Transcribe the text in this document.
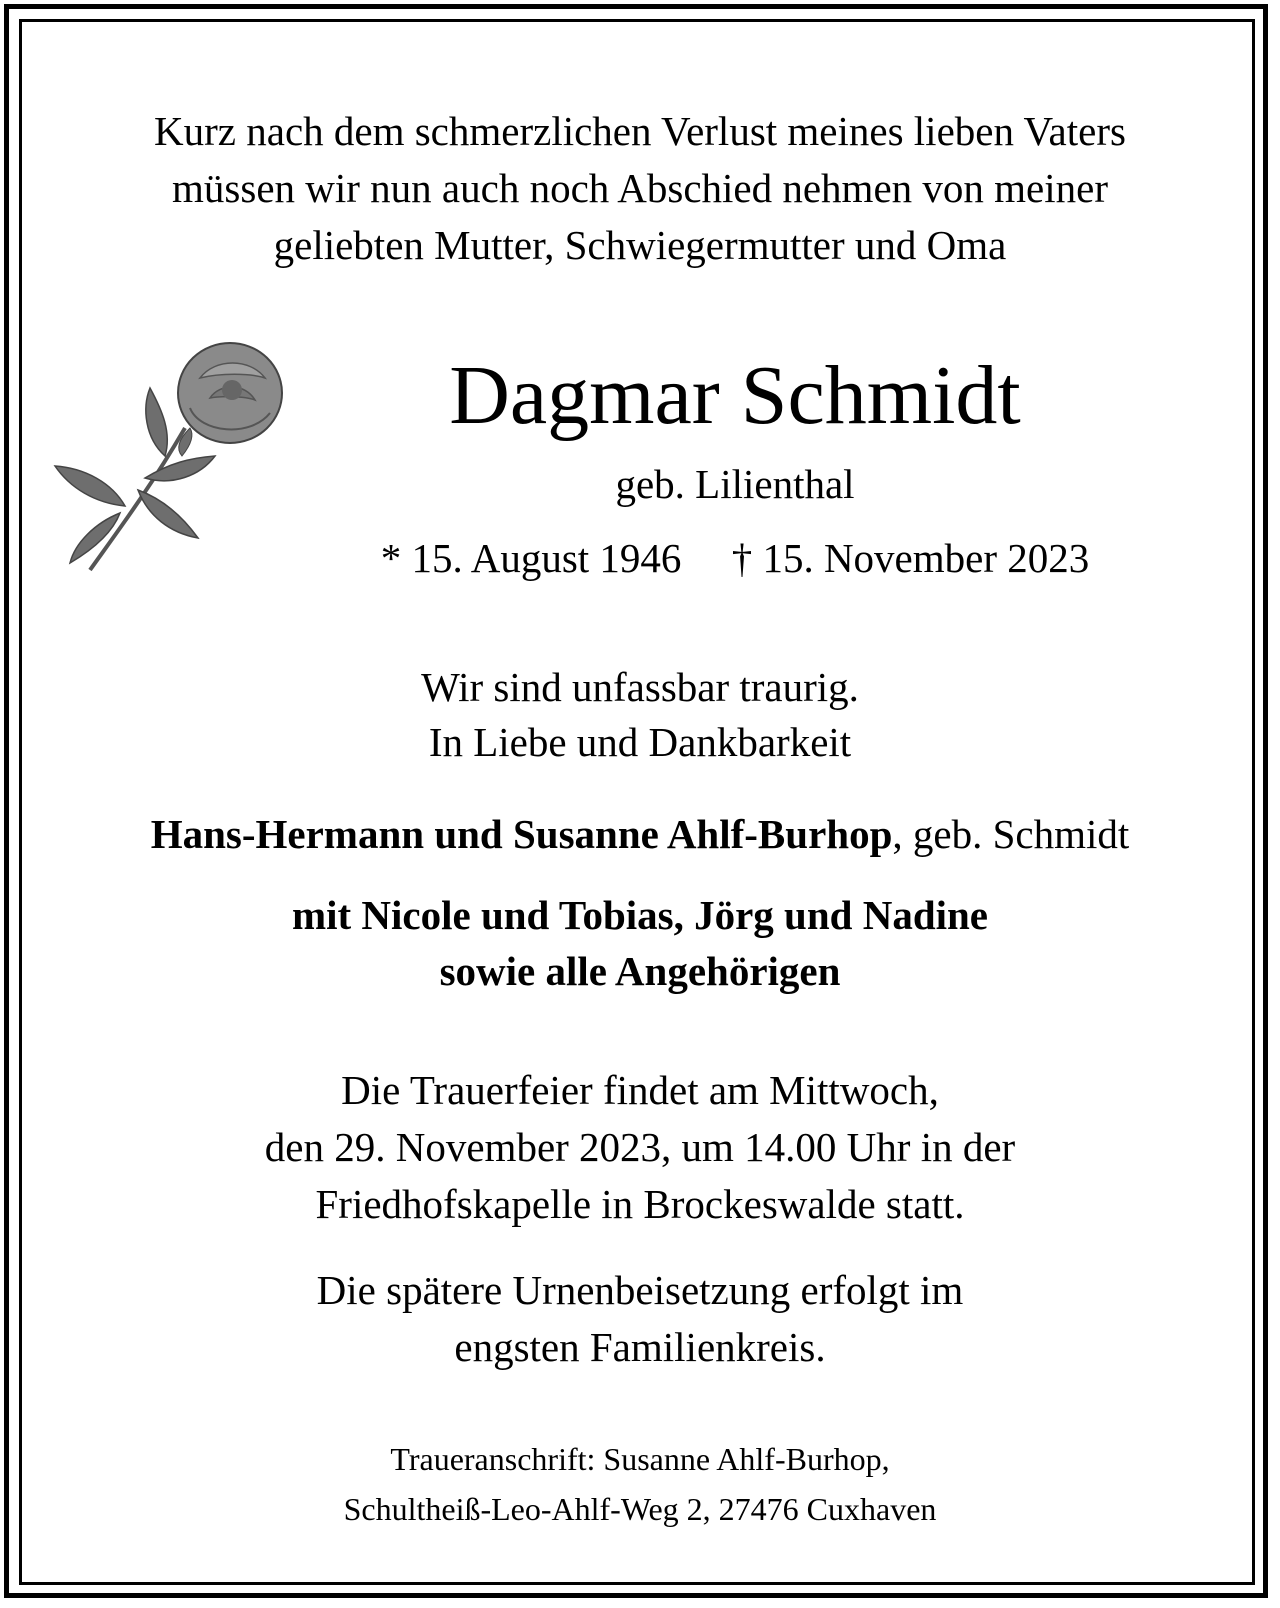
Kurz nach dem schmerzlichen Verlust meines lieben Vaters
müssen wir nun auch noch Abschied nehmen von meiner
geliebten Mutter, Schwiegermutter und Oma
Dagmar Schmidt
geb. Lilienthal
* 15. August 1946 † 15. November 2023
Wir sind unfassbar traurig.
In Liebe und Dankbarkeit
Hans-Hermann und Susanne Ahlf-Burhop, geb. Schmidt
mit Nicole und Tobias, Jörg und Nadine
sowie alle Angehörigen
Die Trauerfeier findet am Mittwoch,
den 29. November 2023, um 14.00 Uhr in der
Friedhofskapelle in Brockeswalde statt.
Die spätere Urnenbeisetzung erfolgt im
engsten Familienkreis.
Traueranschrift: Susanne Ahlf-Burhop,
Schultheiß-Leo-Ahlf-Weg 2, 27476 Cuxhaven
